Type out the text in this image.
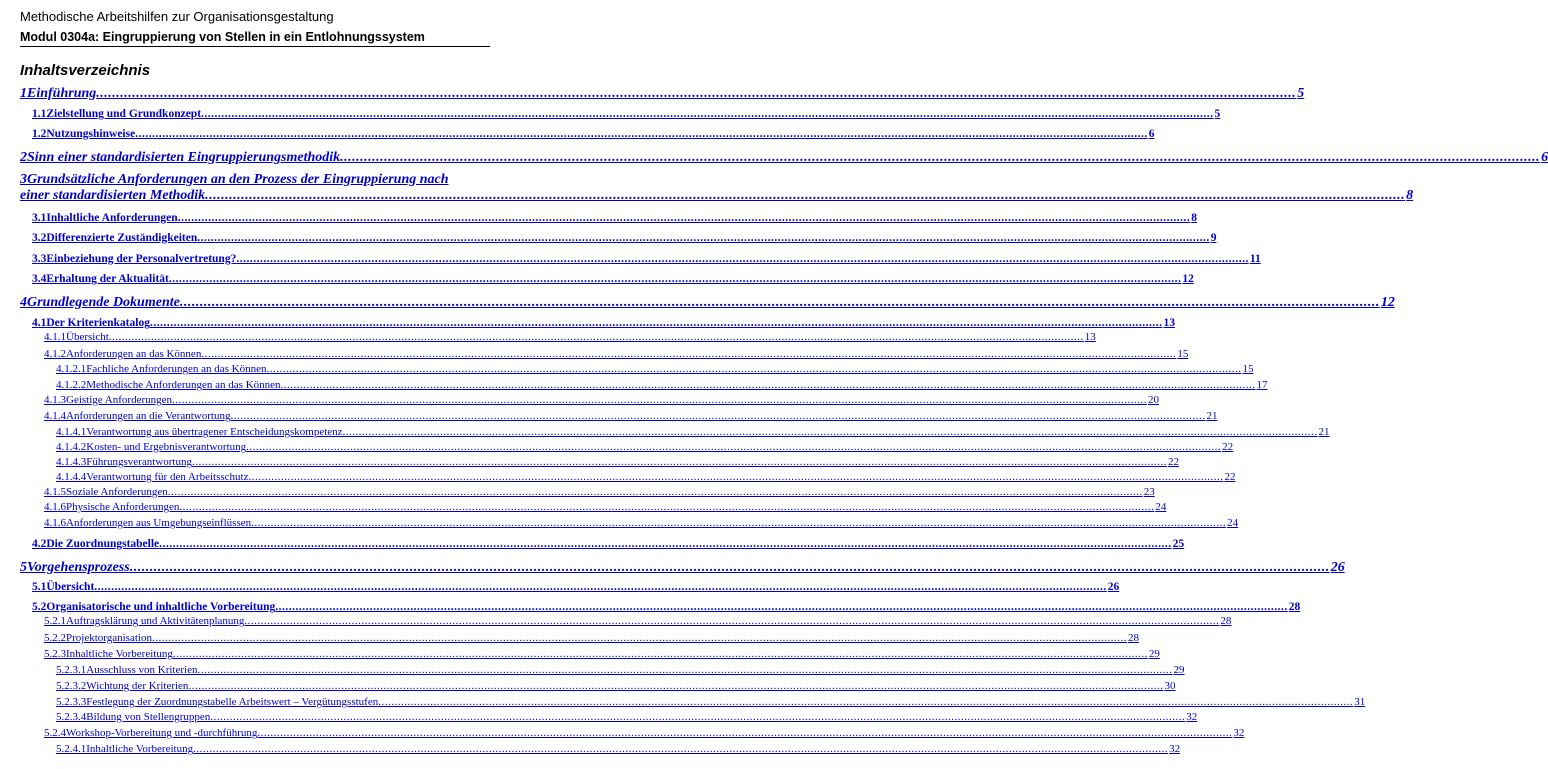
Methodische Arbeitshilfen zur Organisationsgestaltung
Modul 0304a: Eingruppierung von Stellen in ein Entlohnungssystem
Inhaltsverzeichnis
1Einführung ............................................................................................................................................................................................................................................................................................................ 5
1.1Zielstellung und Grundkonzept ............................................................................................................................................................................................................................................................................................................ 5
1.2Nutzungshinweise ............................................................................................................................................................................................................................................................................................................ 6
2Sinn einer standardisierten Eingruppierungsmethodik ............................................................................................................................................................................................................................................................................................................ 6
3Grundsätzliche Anforderungen an den Prozess der Eingruppierung nach
einer standardisierten Methodik ............................................................................................................................................................................................................................................................................................................ 8
3.1Inhaltliche Anforderungen ............................................................................................................................................................................................................................................................................................................ 8
3.2Differenzierte Zuständigkeiten ............................................................................................................................................................................................................................................................................................................ 9
3.3Einbeziehung der Personalvertretung? ............................................................................................................................................................................................................................................................................................................ 11
3.4Erhaltung der Aktualität ............................................................................................................................................................................................................................................................................................................ 12
4Grundlegende Dokumente ............................................................................................................................................................................................................................................................................................................ 12
4.1Der Kriterienkatalog ............................................................................................................................................................................................................................................................................................................ 13
4.1.1Übersicht ............................................................................................................................................................................................................................................................................................................ 13
4.1.2Anforderungen an das Können ............................................................................................................................................................................................................................................................................................................ 15
4.1.2.1Fachliche Anforderungen an das Können ............................................................................................................................................................................................................................................................................................................ 15
4.1.2.2Methodische Anforderungen an das Können ............................................................................................................................................................................................................................................................................................................ 17
4.1.3Geistige Anforderungen ............................................................................................................................................................................................................................................................................................................ 20
4.1.4Anforderungen an die Verantwortung ............................................................................................................................................................................................................................................................................................................ 21
4.1.4.1Verantwortung aus übertragener Entscheidungskompetenz ............................................................................................................................................................................................................................................................................................................ 21
4.1.4.2Kosten- und Ergebnisverantwortung ............................................................................................................................................................................................................................................................................................................ 22
4.1.4.3Führungsverantwortung ............................................................................................................................................................................................................................................................................................................ 22
4.1.4.4Verantwortung für den Arbeitsschutz ............................................................................................................................................................................................................................................................................................................ 22
4.1.5Soziale Anforderungen ............................................................................................................................................................................................................................................................................................................ 23
4.1.6Physische Anforderungen ............................................................................................................................................................................................................................................................................................................ 24
4.1.6Anforderungen aus Umgebungseinflüssen ............................................................................................................................................................................................................................................................................................................ 24
4.2Die Zuordnungstabelle ............................................................................................................................................................................................................................................................................................................ 25
5Vorgehensprozess ............................................................................................................................................................................................................................................................................................................ 26
5.1Übersicht ............................................................................................................................................................................................................................................................................................................ 26
5.2Organisatorische und inhaltliche Vorbereitung ............................................................................................................................................................................................................................................................................................................ 28
5.2.1Auftragsklärung und Aktivitätenplanung ............................................................................................................................................................................................................................................................................................................ 28
5.2.2Projektorganisation ............................................................................................................................................................................................................................................................................................................ 28
5.2.3Inhaltliche Vorbereitung ............................................................................................................................................................................................................................................................................................................ 29
5.2.3.1Ausschluss von Kriterien ............................................................................................................................................................................................................................................................................................................ 29
5.2.3.2Wichtung der Kriterien ............................................................................................................................................................................................................................................................................................................ 30
5.2.3.3Festlegung der Zuordnungstabelle Arbeitswert – Vergütungsstufen ............................................................................................................................................................................................................................................................................................................ 31
5.2.3.4Bildung von Stellengruppen ............................................................................................................................................................................................................................................................................................................ 32
5.2.4Workshop-Vorbereitung und -durchführung ............................................................................................................................................................................................................................................................................................................ 32
5.2.4.1Inhaltliche Vorbereitung ............................................................................................................................................................................................................................................................................................................ 32
